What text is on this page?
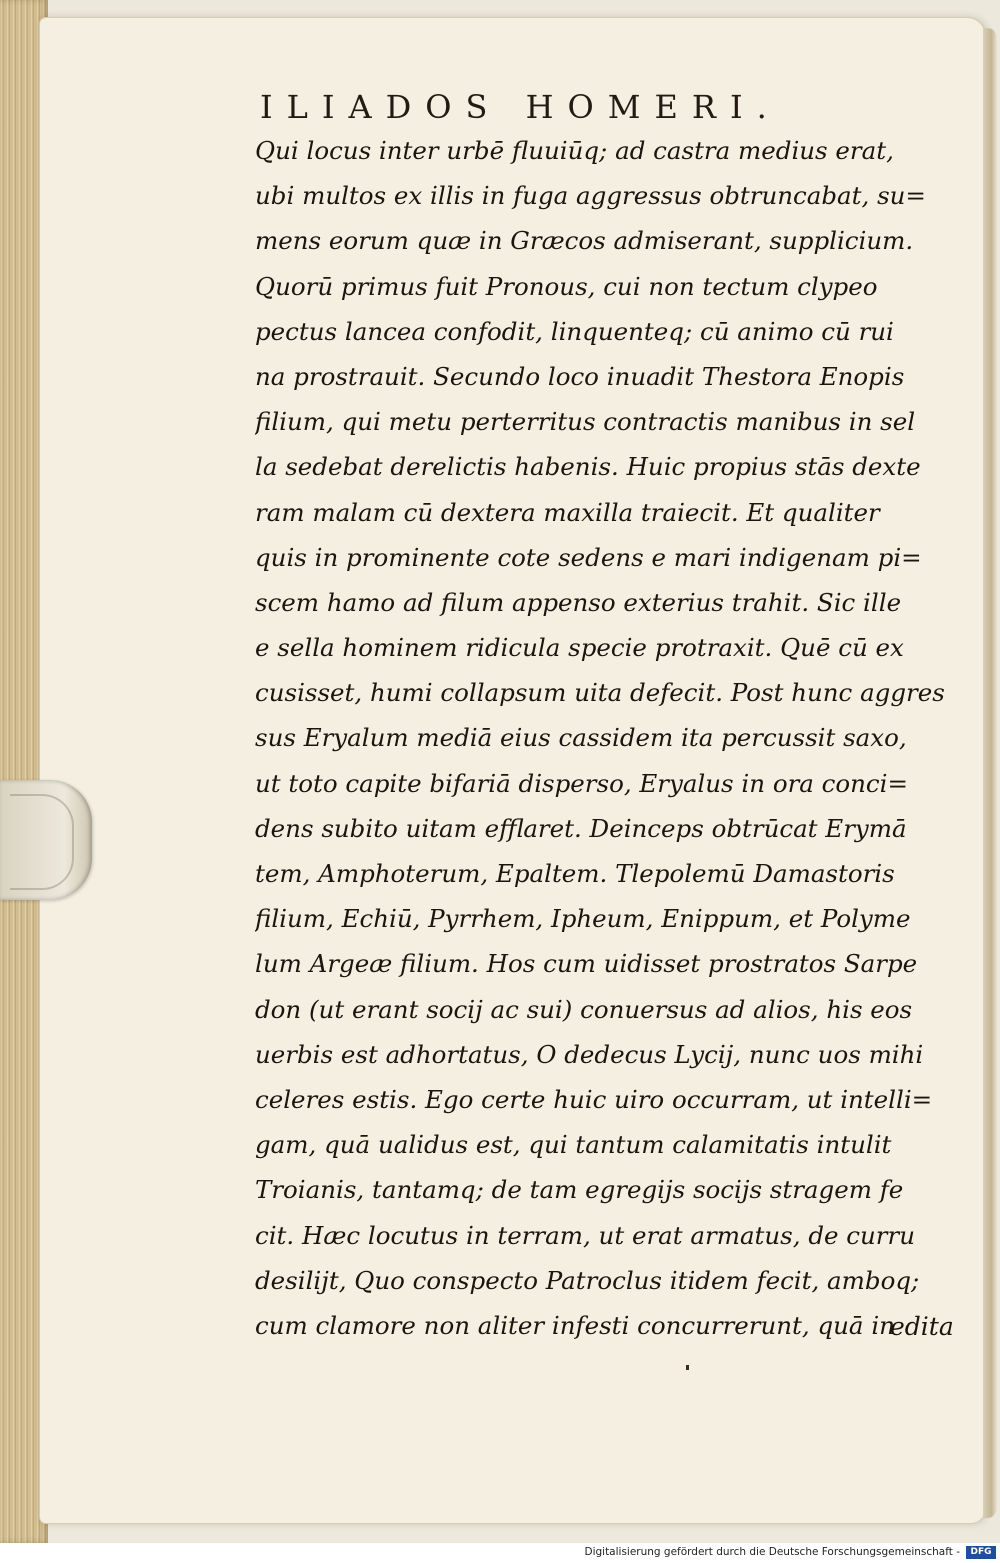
ILIADOS HOMERI.
Qui locus inter urbē fluuiūq; ad castra medius erat,
ubi multos ex illis in fuga aggressus obtruncabat, su=
mens eorum quæ in Græcos admiserant, supplicium.
Quorū primus fuit Pronous, cui non tectum clypeo
pectus lancea confodit, linquenteq; cū animo cū rui
na prostrauit. Secundo loco inuadit Thestora Enopis
filium, qui metu perterritus contractis manibus in sel
la sedebat derelictis habenis. Huic propius stās dexte
ram malam cū dextera maxilla traiecit. Et qualiter
quis in prominente cote sedens e mari indigenam pi=
scem hamo ad filum appenso exterius trahit. Sic ille
e sella hominem ridicula specie protraxit. Quē cū ex
cusisset, humi collapsum uita defecit. Post hunc aggres
sus Eryalum mediā eius cassidem ita percussit saxo,
ut toto capite bifariā disperso, Eryalus in ora conci=
dens subito uitam efflaret. Deinceps obtrūcat Erymā
tem, Amphoterum, Epaltem. Tlepolemū Damastoris
filium, Echiū, Pyrrhem, Ipheum, Enippum, et Polyme
lum Argeæ filium. Hos cum uidisset prostratos Sarpe
don (ut erant socij ac sui) conuersus ad alios, his eos
uerbis est adhortatus, O dedecus Lycij, nunc uos mihi
celeres estis. Ego certe huic uiro occurram, ut intelli=
gam, quā ualidus est, qui tantum calamitatis intulit
Troianis, tantamq; de tam egregijs socijs stragem fe
cit. Hæc locutus in terram, ut erat armatus, de curru
desilijt, Quo conspecto Patroclus itidem fecit, amboq;
cum clamore non aliter infesti concurrerunt, quā in
edita
Digitalisierung gefördert durch die Deutsche Forschungsgemeinschaft -	DFG
